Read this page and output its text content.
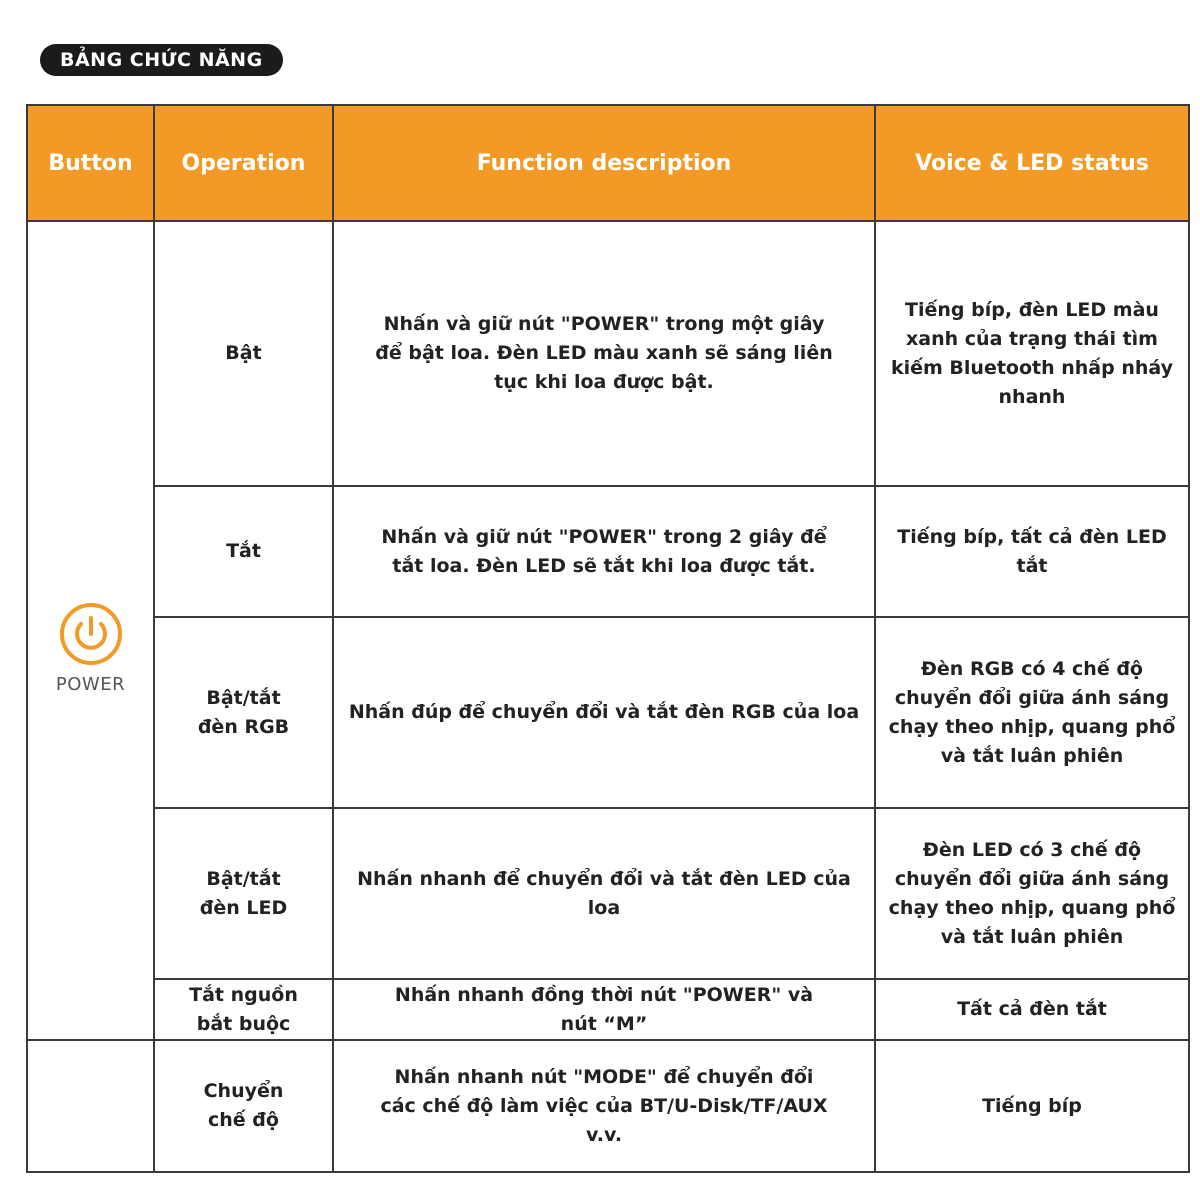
BẢNG CHỨC NĂNG
Button	Operation	Function description	Voice & LED status

POWER	Bật	Nhấn và giữ nút "POWER" trong một giây để bật loa. Đèn LED màu xanh sẽ sáng liên tục khi loa được bật.	Tiếng bíp, đèn LED màu xanh của trạng thái tìm kiếm Bluetooth nhấp nháy nhanh
	Tắt	Nhấn và giữ nút "POWER" trong 2 giây để tắt loa. Đèn LED sẽ tắt khi loa được tắt.	Tiếng bíp, tất cả đèn LED tắt
	Bật/tắt đèn RGB	Nhấn đúp để chuyển đổi và tắt đèn RGB của loa	Đèn RGB có 4 chế độ chuyển đổi giữa ánh sáng chạy theo nhịp, quang phổ và tắt luân phiên
	Bật/tắt đèn LED	Nhấn nhanh để chuyển đổi và tắt đèn LED của loa	Đèn LED có 3 chế độ chuyển đổi giữa ánh sáng chạy theo nhịp, quang phổ và tắt luân phiên
	Tắt nguồn bắt buộc	Nhấn nhanh đồng thời nút "POWER" và nút “M”	Tất cả đèn tắt
	Chuyển chế độ	Nhấn nhanh nút "MODE" để chuyển đổi các chế độ làm việc của BT/U-Disk/TF/AUX v.v.	Tiếng bíp
